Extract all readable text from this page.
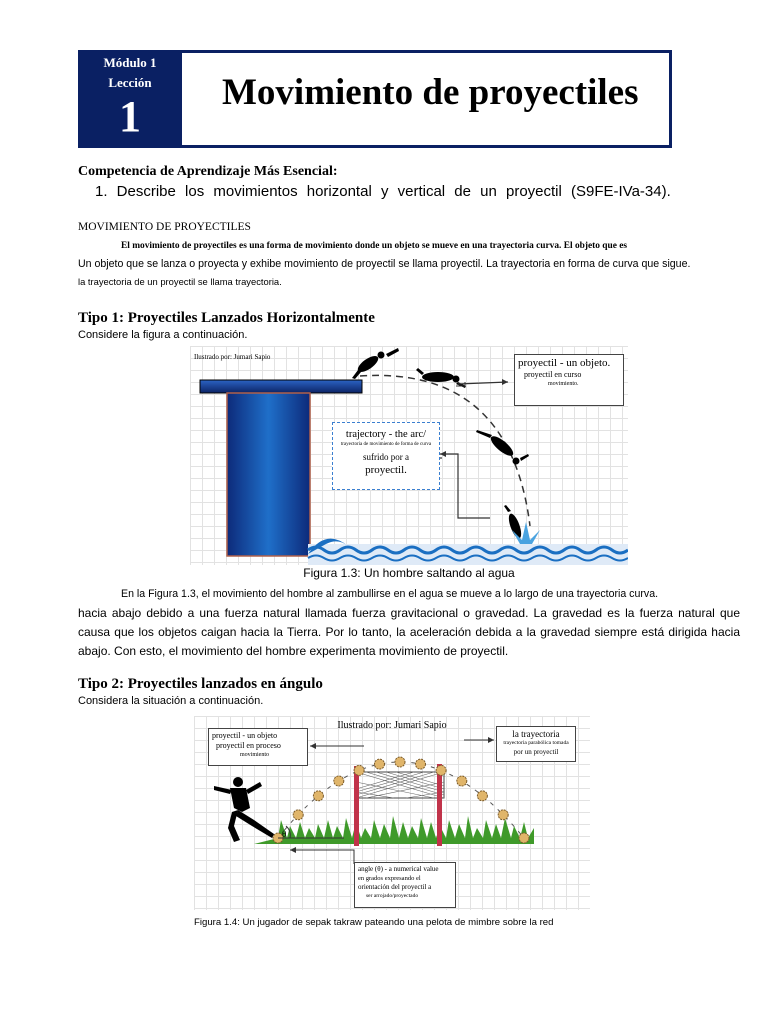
Módulo 1
Lección
1	Movimiento de proyectiles
Competencia de Aprendizaje Más Esencial:
1. Describe los movimientos horizontal y vertical de un proyectil (S9FE-IVa-34).
MOVIMIENTO DE PROYECTILES
El movimiento de proyectiles es una forma de movimiento donde un objeto se mueve en una trayectoria curva. El objeto que es
Un objeto que se lanza o proyecta y exhibe movimiento de proyectil se llama proyectil. La trayectoria en forma de curva que sigue.
la trayectoria de un proyectil se llama trayectoria.
Tipo 1: Proyectiles Lanzados Horizontalmente
Considere la figura a continuación.
Ilustrado por: Jumari Sapio	proyectil - un objeto.
proyectil en curso
movimiento.
trajectory - the arc/
trayectoria de movimiento de forma de curva
sufrido por a
proyectil.
Figura 1.3: Un hombre saltando al agua
En la Figura 1.3, el movimiento del hombre al zambullirse en el agua se mueve a lo largo de una trayectoria curva.

hacia abajo debido a una fuerza natural llamada fuerza gravitacional o gravedad. La gravedad es la fuerza natural que causa que los objetos caigan hacia la Tierra. Por lo tanto, la aceleración debida a la gravedad siempre está dirigida hacia abajo. Con esto, el movimiento del hombre experimenta movimiento de proyectil.

Tipo 2: Proyectiles lanzados en ángulo
Considera la situación a continuación.
Ilustrado por: Jumari Sapio
θ
proyectil - un objeto
proyectil en proceso
movimiento
la trayectoria
trayectoria parabólica tomada
por un proyectil
angle (θ) - a numerical value
en grados expresando el
orientación del proyectil a
ser arrojado/proyectado
Figura 1.4: Un jugador de sepak takraw pateando una pelota de mimbre sobre la red
